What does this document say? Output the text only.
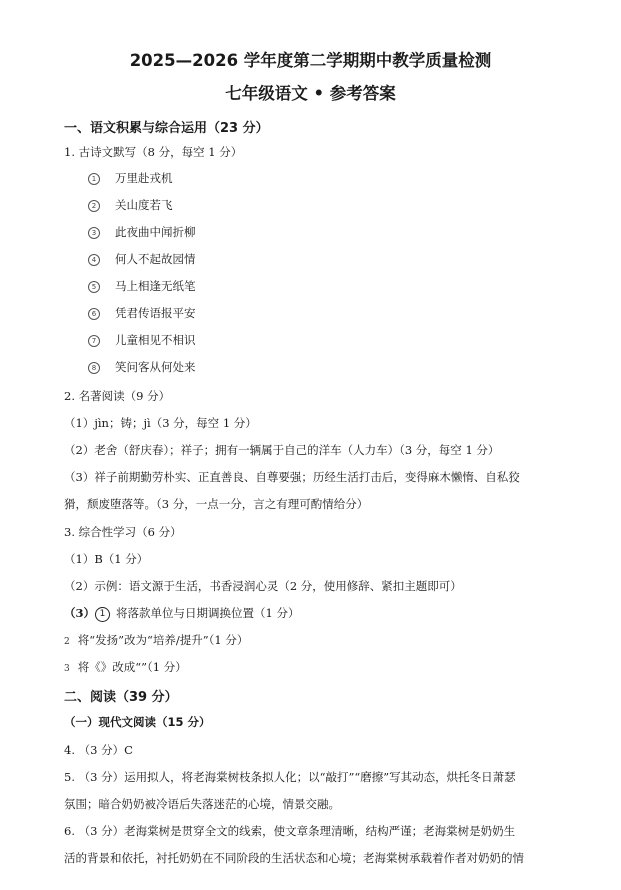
2025—2026 学年度第二学期期中教学质量检测
七年级语文 • 参考答案
一、语文积累与综合运用（23 分）
1. 古诗文默写（8 分，每空 1 分）
1	万里赴戎机
2	关山度若飞
3	此夜曲中闻折柳
4	何人不起故园情
5	马上相逢无纸笔
6	凭君传语报平安
7	儿童相见不相识
8	笑问客从何处来
2. 名著阅读（9 分）
（1）jìn；铸；jì（3 分，每空 1 分）
（2）老舍（舒庆春）；祥子；拥有一辆属于自己的洋车（人力车）（3 分，每空 1 分）
（3）祥子前期勤劳朴实、正直善良、自尊要强；历经生活打击后，变得麻木懒惰、自私狡
猾，颓废堕落等。（3 分，一点一分，言之有理可酌情给分）
3. 综合性学习（6 分）
（1）B（1 分）
（2）示例：语文源于生活，书香浸润心灵（2 分，使用修辞、紧扣主题即可）
（3） 1 将落款单位与日期调换位置（1 分）
2 将“发扬”改为“培养/提升”（1 分）
3 将《》改成“”（1 分）
二、阅读（39 分）
（一）现代文阅读（15 分）
4. （3 分）C
5. （3 分）运用拟人，将老海棠树枝条拟人化；以“敲打”“磨擦”写其动态，烘托冬日萧瑟
氛围；暗合奶奶被冷语后失落迷茫的心境，情景交融。
6. （3 分）老海棠树是贯穿全文的线索，使文章条理清晰，结构严谨；老海棠树是奶奶生
活的背景和依托，衬托奶奶在不同阶段的生活状态和心境；老海棠树承载着作者对奶奶的情
